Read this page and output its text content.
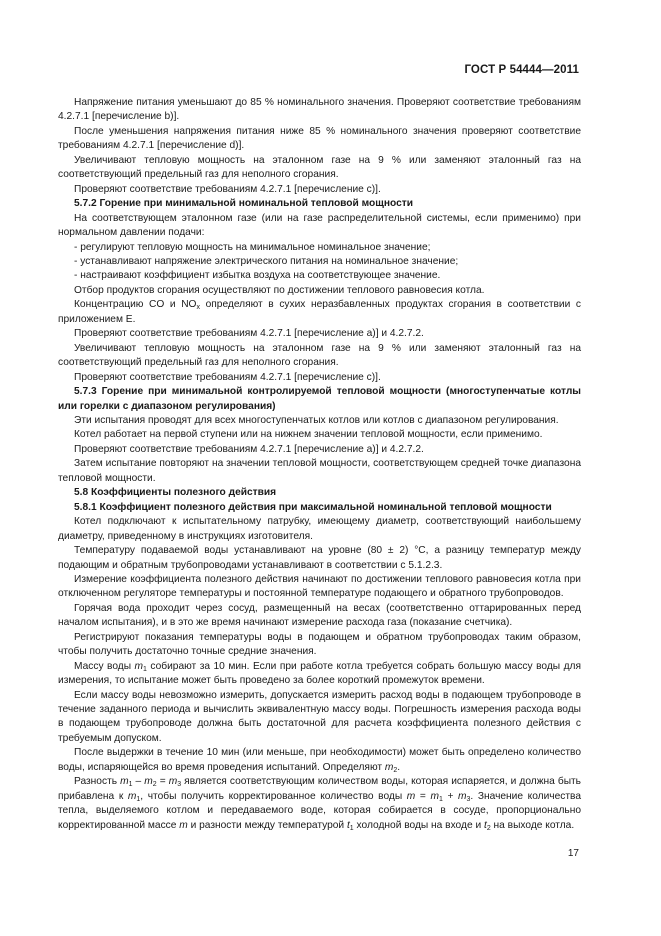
ГОСТ Р 54444—2011

Напряжение питания уменьшают до 85 % номинального значения. Проверяют соответствие требованиям 4.2.7.1 [перечисление b)].

После уменьшения напряжения питания ниже 85 % номинального значения проверяют соответствие требованиям 4.2.7.1 [перечисление d)].

Увеличивают тепловую мощность на эталонном газе на 9 % или заменяют эталонный газ на соответствующий предельный газ для неполного сгорания.

Проверяют соответствие требованиям 4.2.7.1 [перечисление с)].

5.7.2 Горение при минимальной номинальной тепловой мощности

На соответствующем эталонном газе (или на газе распределительной системы, если применимо) при нормальном давлении подачи:

- регулируют тепловую мощность на минимальное номинальное значение;

- устанавливают напряжение электрического питания на номинальное значение;

- настраивают коэффициент избытка воздуха на соответствующее значение.

Отбор продуктов сгорания осуществляют по достижении теплового равновесия котла.

Концентрацию CO и $NO_x$ определяют в сухих неразбавленных продуктах сгорания в соответствии с приложением Е.

Проверяют соответствие требованиям 4.2.7.1 [перечисление а)] и 4.2.7.2.

Увеличивают тепловую мощность на эталонном газе на 9 % или заменяют эталонный газ на соответствующий предельный газ для неполного сгорания.

Проверяют соответствие требованиям 4.2.7.1 [перечисление с)].

5.7.3 Горение при минимальной контролируемой тепловой мощности (многоступенчатые котлы или горелки с диапазоном регулирования)

Эти испытания проводят для всех многоступенчатых котлов или котлов с диапазоном регулирования.

Котел работает на первой ступени или на нижнем значении тепловой мощности, если применимо.

Проверяют соответствие требованиям 4.2.7.1 [перечисление а)] и 4.2.7.2.

Затем испытание повторяют на значении тепловой мощности, соответствующем средней точке диапазона тепловой мощности.

5.8 Коэффициенты полезного действия

5.8.1 Коэффициент полезного действия при максимальной номинальной тепловой мощности

Котел подключают к испытательному патрубку, имеющему диаметр, соответствующий наибольшему диаметру, приведенному в инструкциях изготовителя.

Температуру подаваемой воды устанавливают на уровне (80 ± 2) °С, а разницу температур между подающим и обратным трубопроводами устанавливают в соответствии с 5.1.2.3.

Измерение коэффициента полезного действия начинают по достижении теплового равновесия котла при отключенном регуляторе температуры и постоянной температуре подающего и обратного трубопроводов.

Горячая вода проходит через сосуд, размещенный на весах (соответственно оттарированных перед началом испытания), и в это же время начинают измерение расхода газа (показание счетчика).

Регистрируют показания температуры воды в подающем и обратном трубопроводах таким образом, чтобы получить достаточно точные средние значения.

Массу воды $m_1$ собирают за 10 мин. Если при работе котла требуется собрать большую массу воды для измерения, то испытание может быть проведено за более короткий промежуток времени.

Если массу воды невозможно измерить, допускается измерить расход воды в подающем трубопроводе в течение заданного периода и вычислить эквивалентную массу воды. Погрешность измерения расхода воды в подающем трубопроводе должна быть достаточной для расчета коэффициента полезного действия с требуемым допуском.

После выдержки в течение 10 мин (или меньше, при необходимости) может быть определено количество воды, испаряющейся во время проведения испытаний. Определяют $m_2$.

Разность $m_1 - m_2 = m_3$ является соответствующим количеством воды, которая испаряется, и должна быть прибавлена к $m_1$, чтобы получить корректированное количество воды $m = m_1 + m_3$. Значение количества тепла, выделяемого котлом и передаваемого воде, которая собирается в сосуде, пропорционально корректированной массе m и разности между температурой $t_1$ холодной воды на входе и $t_2$ на выходе котла.

17
